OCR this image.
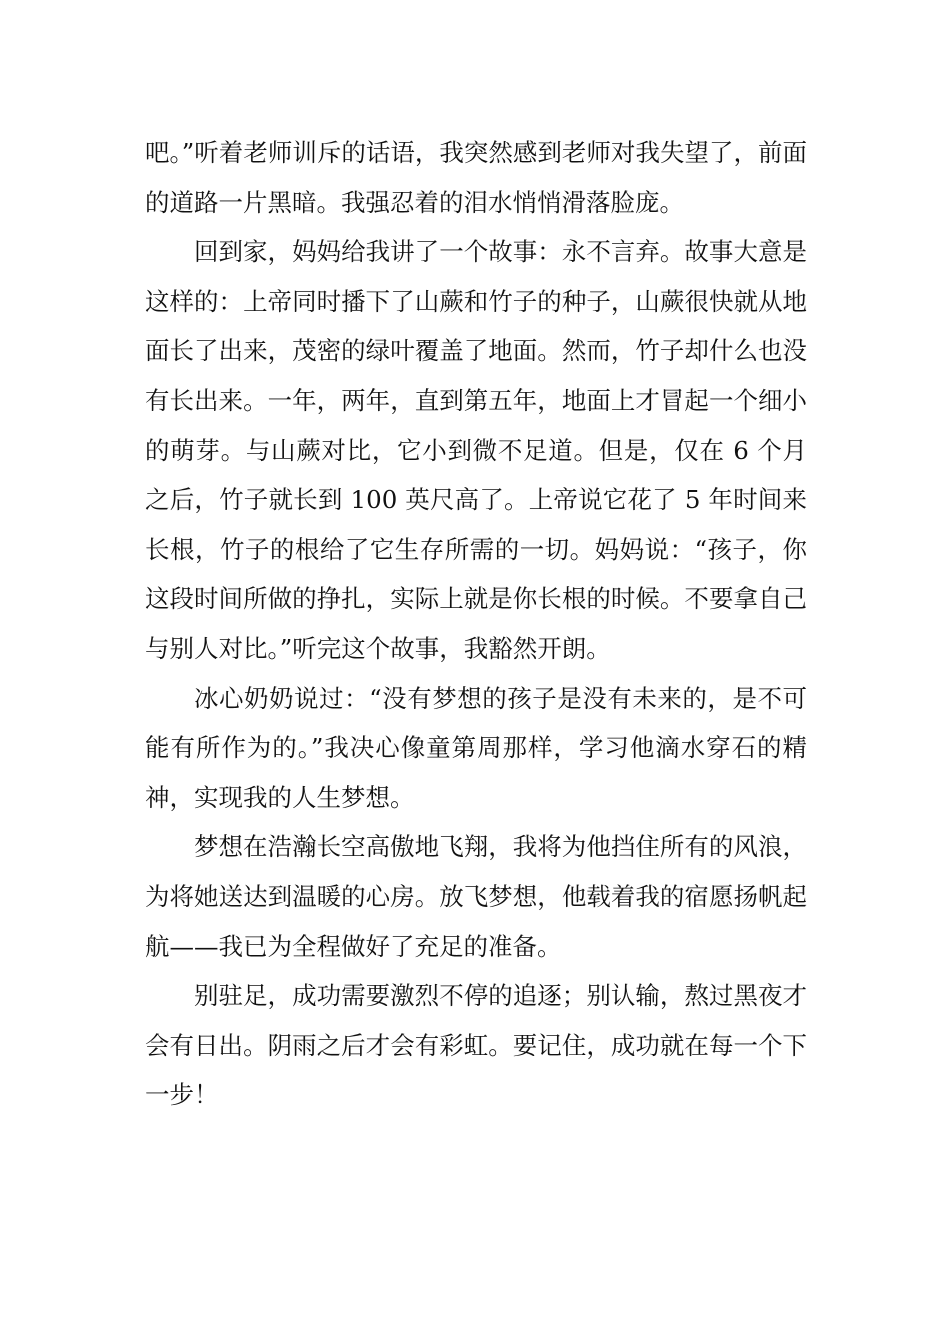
吧。”听着老师训斥的话语，我突然感到老师对我失望了，前面的道路一片黑暗。我强忍着的泪水悄悄滑落脸庞。

回到家，妈妈给我讲了一个故事：永不言弃。故事大意是这样的：上帝同时播下了山蕨和竹子的种子，山蕨很快就从地面长了出来，茂密的绿叶覆盖了地面。然而，竹子却什么也没有长出来。一年，两年，直到第五年，地面上才冒起一个细小的萌芽。与山蕨对比，它小到微不足道。但是，仅在 6 个月之后，竹子就长到 100 英尺高了。上帝说它花了 5 年时间来长根，竹子的根给了它生存所需的一切。妈妈说：“孩子，你这段时间所做的挣扎，实际上就是你长根的时候。不要拿自己与别人对比。”听完这个故事，我豁然开朗。

冰心奶奶说过：“没有梦想的孩子是没有未来的，是不可能有所作为的。”我决心像童第周那样，学习他滴水穿石的精神，实现我的人生梦想。

梦想在浩瀚长空高傲地飞翔，我将为他挡住所有的风浪，为将她送达到温暖的心房。放飞梦想，他载着我的宿愿扬帆起航——我已为全程做好了充足的准备。

别驻足，成功需要激烈不停的追逐；别认输，熬过黑夜才会有日出。阴雨之后才会有彩虹。要记住，成功就在每一个下一步！
